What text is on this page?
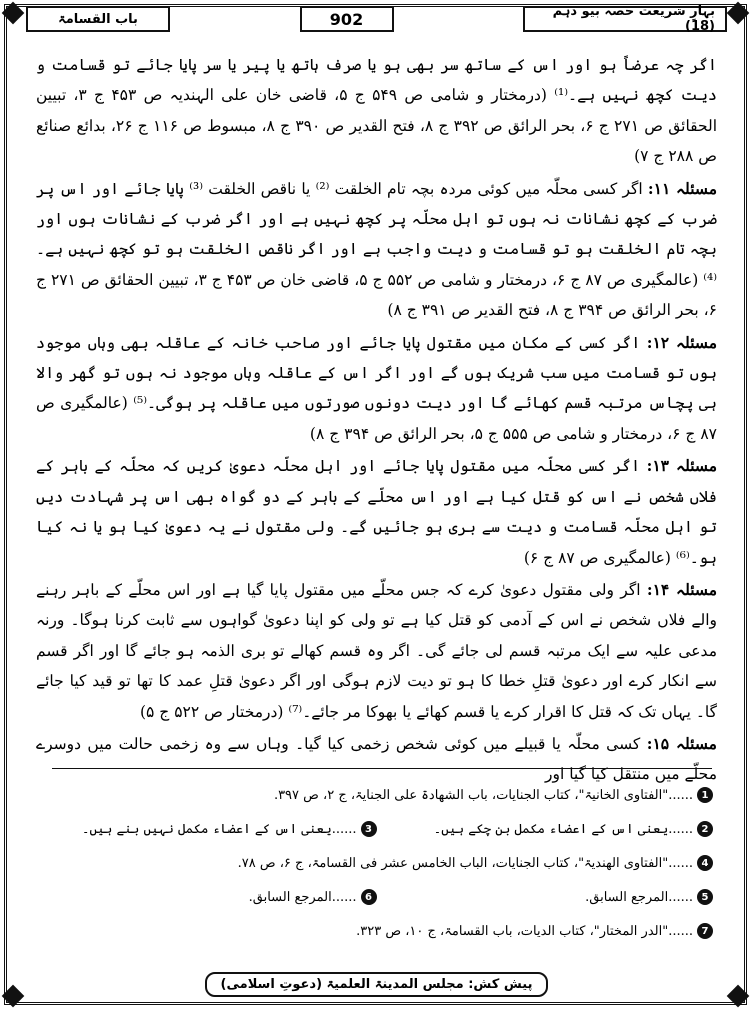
بہارِ شریعت حصہ بیو دہم (18)
902
باب القسامۃ

اگر چہ عرضاً ہو اور اس کے ساتھ سر بھی ہو یا صرف ہاتھ یا پیر یا سر پایا جائے تو قسامت و دیت کچھ نہیں ہے۔⁽¹⁾ (درمختار و شامی ص ۵۴۹ ج ۵، قاضی خان علی الہندیہ ص ۴۵۳ ج ۳، تبیین الحقائق ص ۲۷۱ ج ۶، بحر الرائق ص ۳۹۲ ج ۸، فتح القدیر ص ۳۹۰ ج ۸، مبسوط ص ۱۱۶ ج ۲۶، بدائع صنائع ص ۲۸۸ ج ۷)

مسئلہ ۱۱: اگر کسی محلّہ میں کوئی مردہ بچہ تام الخلقت ⁽²⁾ یا ناقص الخلقت ⁽³⁾ پایا جائے اور اس پر ضرب کے کچھ نشانات نہ ہوں تو اہل محلّہ پر کچھ نہیں ہے اور اگر ضرب کے نشانات ہوں اور بچہ تام الخلقت ہو تو قسامت و دیت واجب ہے اور اگر ناقص الخلقت ہو تو کچھ نہیں ہے۔⁽⁴⁾ (عالمگیری ص ۸۷ ج ۶، درمختار و شامی ص ۵۵۲ ج ۵، قاضی خان ص ۴۵۳ ج ۳، تبیین الحقائق ص ۲۷۱ ج ۶، بحر الرائق ص ۳۹۴ ج ۸، فتح القدیر ص ۳۹۱ ج ۸)

مسئلہ ۱۲: اگر کسی کے مکان میں مقتول پایا جائے اور صاحب خانہ کے عاقلہ بھی وہاں موجود ہوں تو قسامت میں سب شریک ہوں گے اور اگر اس کے عاقلہ وہاں موجود نہ ہوں تو گھر والا ہی پچاس مرتبہ قسم کھائے گا اور دیت دونوں صورتوں میں عاقلہ پر ہوگی۔⁽⁵⁾ (عالمگیری ص ۸۷ ج ۶، درمختار و شامی ص ۵۵۵ ج ۵، بحر الرائق ص ۳۹۴ ج ۸)

مسئلہ ۱۳: اگر کسی محلّہ میں مقتول پایا جائے اور اہل محلّہ دعویٰ کریں کہ محلّہ کے باہر کے فلاں شخص نے اس کو قتل کیا ہے اور اس محلّے کے باہر کے دو گواہ بھی اس پر شہادت دیں تو اہل محلّہ قسامت و دیت سے بری ہو جائیں گے۔ ولی مقتول نے یہ دعویٰ کیا ہو یا نہ کیا ہو۔⁽⁶⁾ (عالمگیری ص ۸۷ ج ۶)

مسئلہ ۱۴: اگر ولی مقتول دعویٰ کرے کہ جس محلّے میں مقتول پایا گیا ہے اور اس محلّے کے باہر رہنے والے فلاں شخص نے اس کے آدمی کو قتل کیا ہے تو ولی کو اپنا دعویٰ گواہوں سے ثابت کرنا ہوگا۔ ورنہ مدعی علیہ سے ایک مرتبہ قسم لی جائے گی۔ اگر وہ قسم کھالے تو بری الذمہ ہو جائے گا اور اگر قسم سے انکار کرے اور دعویٰ قتلِ خطا کا ہو تو دیت لازم ہوگی اور اگر دعویٰ قتلِ عمد کا تھا تو قید کیا جائے گا۔ یہاں تک کہ قتل کا اقرار کرے یا قسم کھائے یا بھوکا مر جائے۔⁽⁷⁾ (درمختار ص ۵۲۲ ج ۵)

مسئلہ ۱۵: کسی محلّہ یا قبیلے میں کوئی شخص زخمی کیا گیا۔ وہاں سے وہ زخمی حالت میں دوسرے محلّے میں منتقل کیا گیا اور

1
......"الفتاوی الخانیۃ"، کتاب الجنایات، باب الشھادۃ علی الجنایۃ، ج ۲، ص ۳۹۷.
2
......یعنی اس کے اعضاء مکمل بن چکے ہیں۔
3
......یعنی اس کے اعضاء مکمل نہیں بنے ہیں۔
4
......"الفتاوی الھندیۃ"، کتاب الجنایات، الباب الخامس عشر فی القسامۃ، ج ۶، ص ۷۸.
5
......المرجع السابق.
6
......المرجع السابق.
7
......"الدر المختار"، کتاب الدیات، باب القسامۃ، ج ۱۰، ص ۳۲۳.
پیش کش: مجلس المدینۃ العلمیۃ (دعوتِ اسلامی)
